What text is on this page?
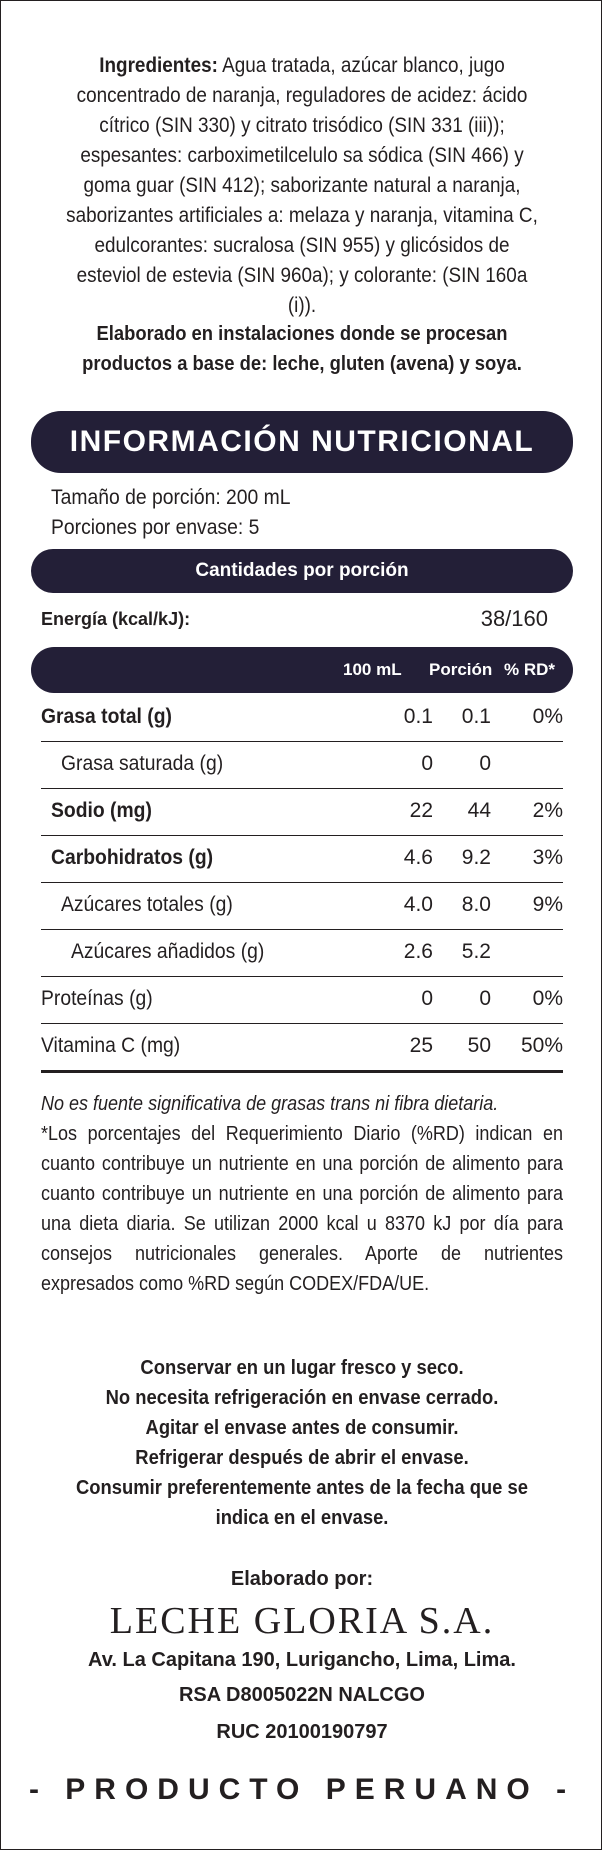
Ingredientes: Agua tratada, azúcar blanco, jugo concentrado de naranja, reguladores de acidez: ácido cítrico (SIN 330) y citrato trisódico (SIN 331 (iii)); espesantes: carboximetilcelulo sa sódica (SIN 466) y goma guar (SIN 412); saborizante natural a naranja, saborizantes artificiales a: melaza y naranja, vitamina C, edulcorantes: sucralosa (SIN 955) y glicósidos de esteviol de estevia (SIN 960a); y colorante: (SIN 160a (i)).
Elaborado en instalaciones donde se procesan productos a base de: leche, gluten (avena) y soya.
INFORMACIÓN NUTRICIONAL
Tamaño de porción: 200 mL
Porciones por envase: 5
Cantidades por porción
Energía (kcal/kJ):	38/160
100 mL Porción % RD*
Grasa total (g)	0.1 0.1 0%
Grasa saturada (g)	0 0
Sodio (mg)	22 44 2%
Carbohidratos (g)	4.6 9.2 3%
Azúcares totales (g)	4.0 8.0 9%
Azúcares añadidos (g)	2.6 5.2
Proteínas (g)	0 0 0%
Vitamina C (mg)	25 50 50%
No es fuente significativa de grasas trans ni fibra dietaria.
*Los porcentajes del Requerimiento Diario (%RD) indican en cuanto contribuye un nutriente en una porción de alimento para cuanto contribuye un nutriente en una porción de alimento para una dieta diaria. Se utilizan 2000 kcal u 8370 kJ por día para consejos nutricionales generales. Aporte de nutrientes expresados como %RD según CODEX/FDA/UE.
Conservar en un lugar fresco y seco.
No necesita refrigeración en envase cerrado.
Agitar el envase antes de consumir.
Refrigerar después de abrir el envase.
Consumir preferentemente antes de la fecha que se indica en el envase.
Elaborado por:
LECHE GLORIA S.A.
Av. La Capitana 190, Lurigancho, Lima, Lima.
RSA D8005022N NALCGO
RUC 20100190797
- PRODUCTO PERUANO -
